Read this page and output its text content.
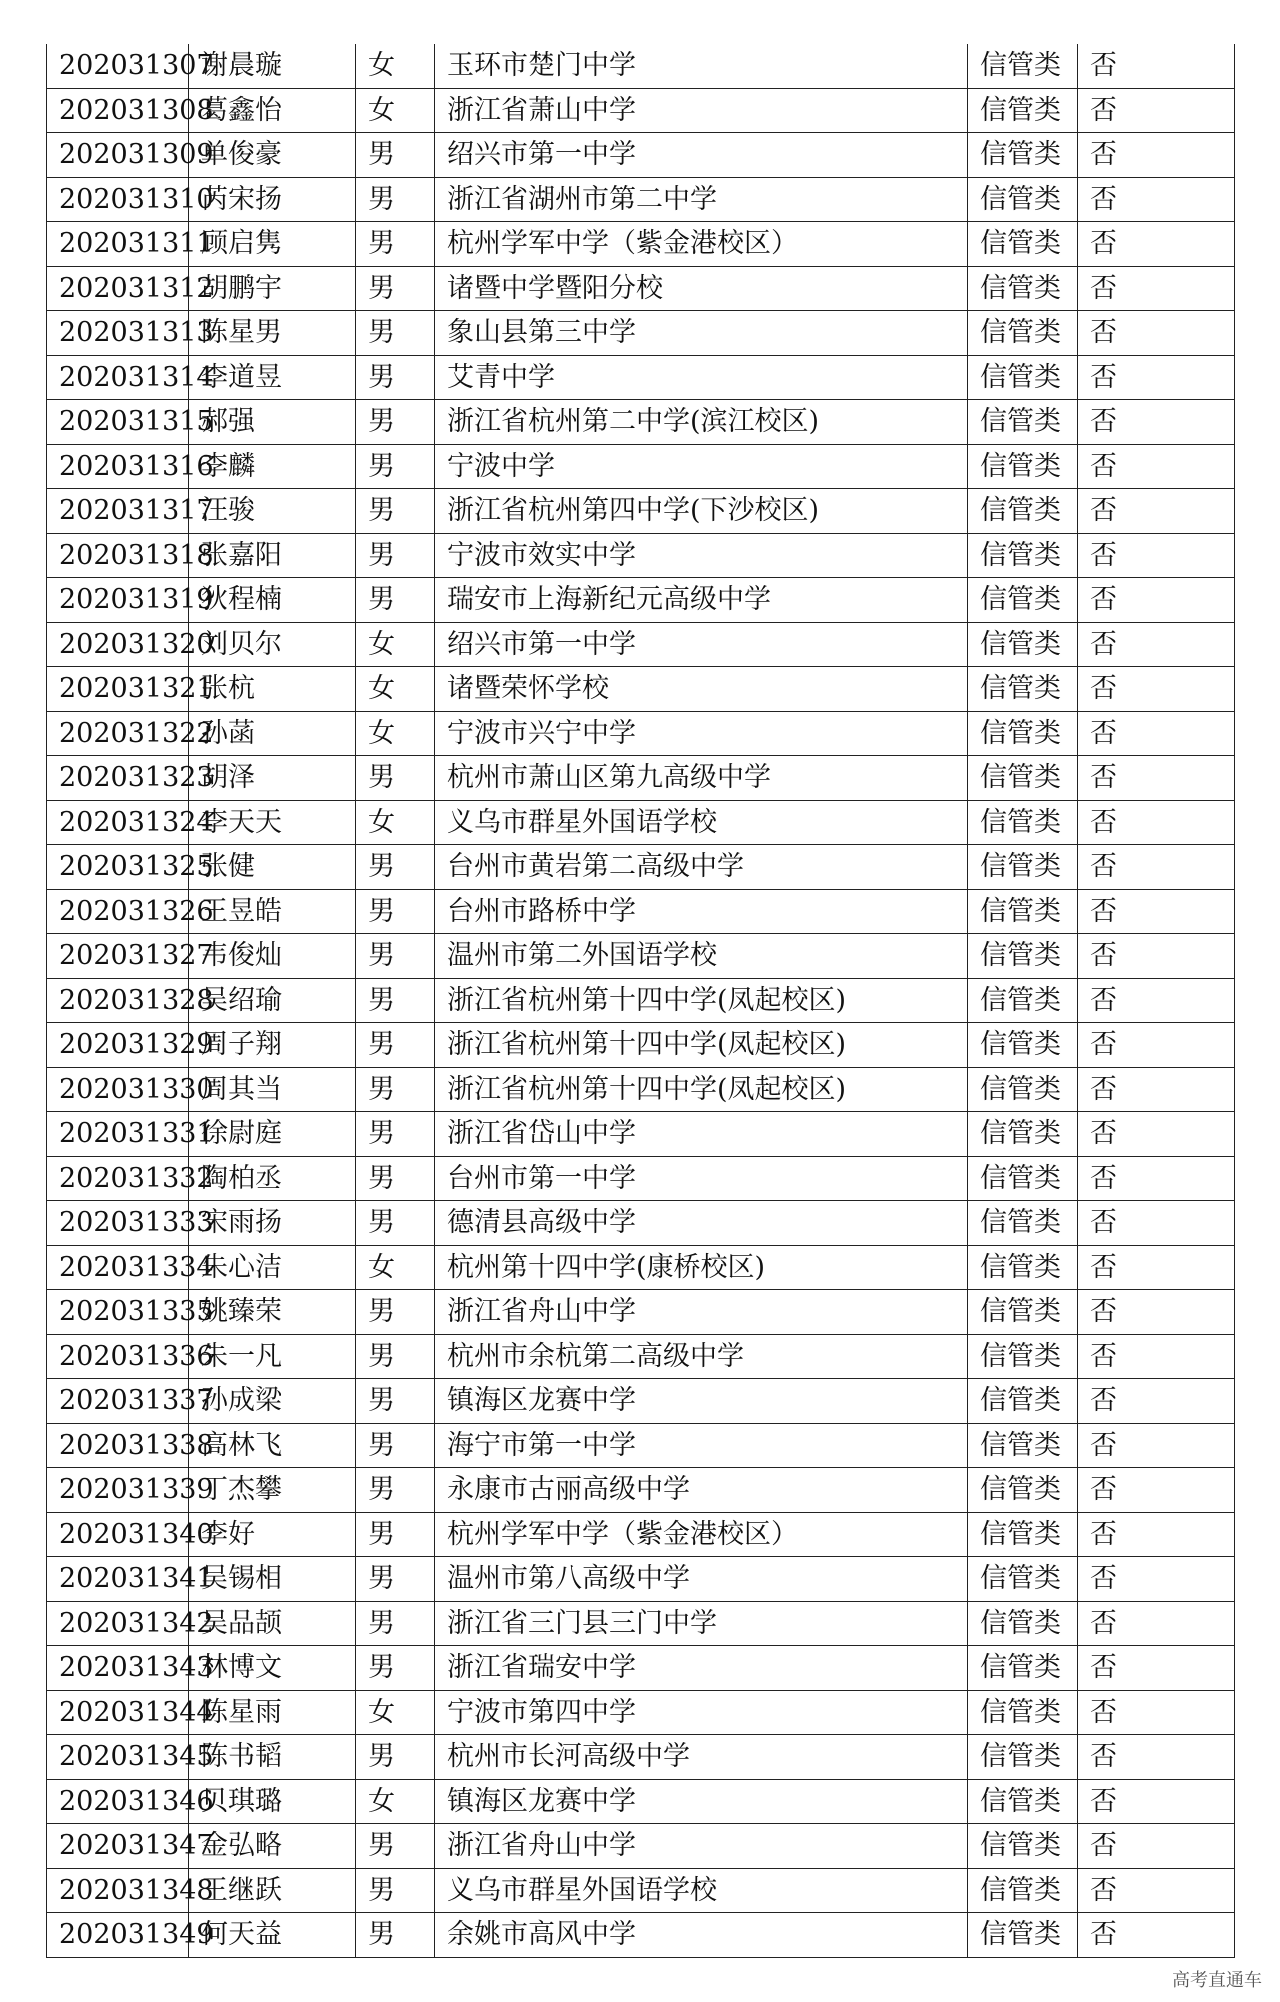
202031307	谢晨璇	女	玉环市楚门中学	信管类	否
202031308	葛鑫怡	女	浙江省萧山中学	信管类	否
202031309	单俊豪	男	绍兴市第一中学	信管类	否
202031310	芮宋扬	男	浙江省湖州市第二中学	信管类	否
202031311	顾启隽	男	杭州学军中学（紫金港校区）	信管类	否
202031312	胡鹏宇	男	诸暨中学暨阳分校	信管类	否
202031313	陈星男	男	象山县第三中学	信管类	否
202031314	李道昱	男	艾青中学	信管类	否
202031315	郝强	男	浙江省杭州第二中学(滨江校区)	信管类	否
202031316	李麟	男	宁波中学	信管类	否
202031317	汪骏	男	浙江省杭州第四中学(下沙校区)	信管类	否
202031318	张嘉阳	男	宁波市效实中学	信管类	否
202031319	狄程楠	男	瑞安市上海新纪元高级中学	信管类	否
202031320	刘贝尔	女	绍兴市第一中学	信管类	否
202031321	张杭	女	诸暨荣怀学校	信管类	否
202031322	孙菡	女	宁波市兴宁中学	信管类	否
202031323	胡泽	男	杭州市萧山区第九高级中学	信管类	否
202031324	李天天	女	义乌市群星外国语学校	信管类	否
202031325	张健	男	台州市黄岩第二高级中学	信管类	否
202031326	王昱皓	男	台州市路桥中学	信管类	否
202031327	韦俊灿	男	温州市第二外国语学校	信管类	否
202031328	吴绍瑜	男	浙江省杭州第十四中学(凤起校区)	信管类	否
202031329	周子翔	男	浙江省杭州第十四中学(凤起校区)	信管类	否
202031330	周其当	男	浙江省杭州第十四中学(凤起校区)	信管类	否
202031331	徐尉庭	男	浙江省岱山中学	信管类	否
202031332	陶柏丞	男	台州市第一中学	信管类	否
202031333	宋雨扬	男	德清县高级中学	信管类	否
202031334	朱心洁	女	杭州第十四中学(康桥校区)	信管类	否
202031335	姚臻荣	男	浙江省舟山中学	信管类	否
202031336	朱一凡	男	杭州市余杭第二高级中学	信管类	否
202031337	孙成梁	男	镇海区龙赛中学	信管类	否
202031338	高林飞	男	海宁市第一中学	信管类	否
202031339	丁杰攀	男	永康市古丽高级中学	信管类	否
202031340	李好	男	杭州学军中学（紫金港校区）	信管类	否
202031341	吴锡相	男	温州市第八高级中学	信管类	否
202031342	吴品颉	男	浙江省三门县三门中学	信管类	否
202031343	林博文	男	浙江省瑞安中学	信管类	否
202031344	陈星雨	女	宁波市第四中学	信管类	否
202031345	陈书韬	男	杭州市长河高级中学	信管类	否
202031346	贝琪璐	女	镇海区龙赛中学	信管类	否
202031347	金弘略	男	浙江省舟山中学	信管类	否
202031348	王继跃	男	义乌市群星外国语学校	信管类	否
202031349	何天益	男	余姚市高风中学	信管类	否
高考直通车
